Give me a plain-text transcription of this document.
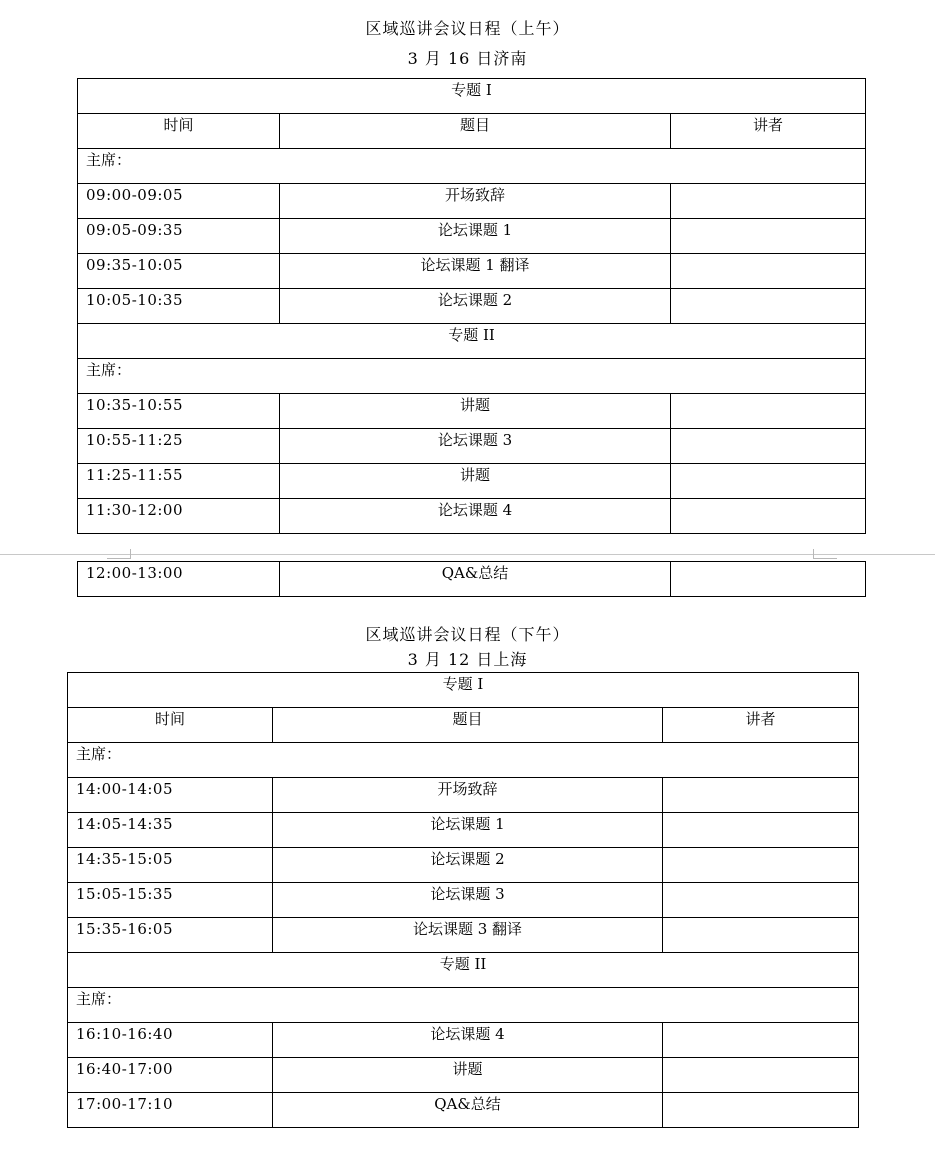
区域巡讲会议日程（上午）
3 月 16 日济南
专题 I		
时间	题目	讲者
主席：		
09:00-09:05	开场致辞	
09:05-09:35	论坛课题 1	
09:35-10:05	论坛课题 1 翻译	
10:05-10:35	论坛课题 2	
专题 II		
主席：		
10:35-10:55	讲题	
10:55-11:25	论坛课题 3	
11:25-11:55	讲题	
11:30-12:00	论坛课题 4	
12:00-13:00	QA&总结	
区域巡讲会议日程（下午）
3 月 12 日上海
专题 I		
时间	题目	讲者
主席：		
14:00-14:05	开场致辞	
14:05-14:35	论坛课题 1	
14:35-15:05	论坛课题 2	
15:05-15:35	论坛课题 3	
15:35-16:05	论坛课题 3 翻译	
专题 II		
主席：		
16:10-16:40	论坛课题 4	
16:40-17:00	讲题	
17:00-17:10	QA&总结	
